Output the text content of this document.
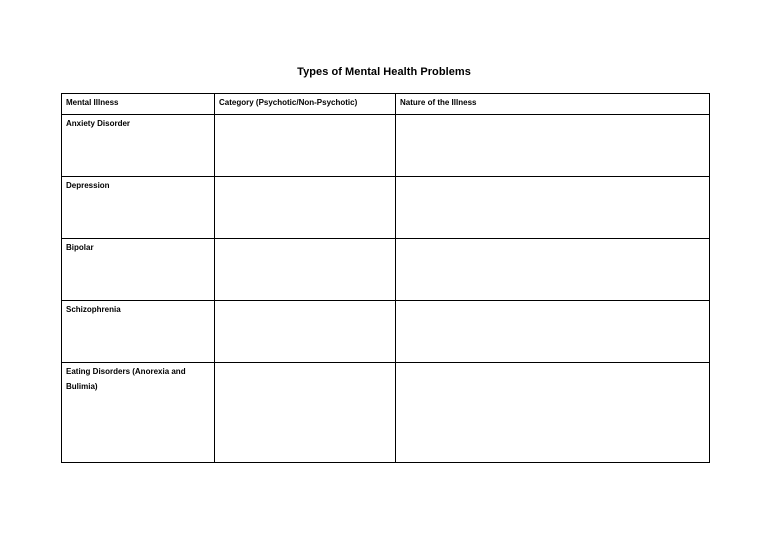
Types of Mental Health Problems
Mental Illness	Category (Psychotic/Non-Psychotic)	Nature of the Illness
Anxiety Disorder		
Depression		
Bipolar		
Schizophrenia		
Eating Disorders (Anorexia and Bulimia)		
